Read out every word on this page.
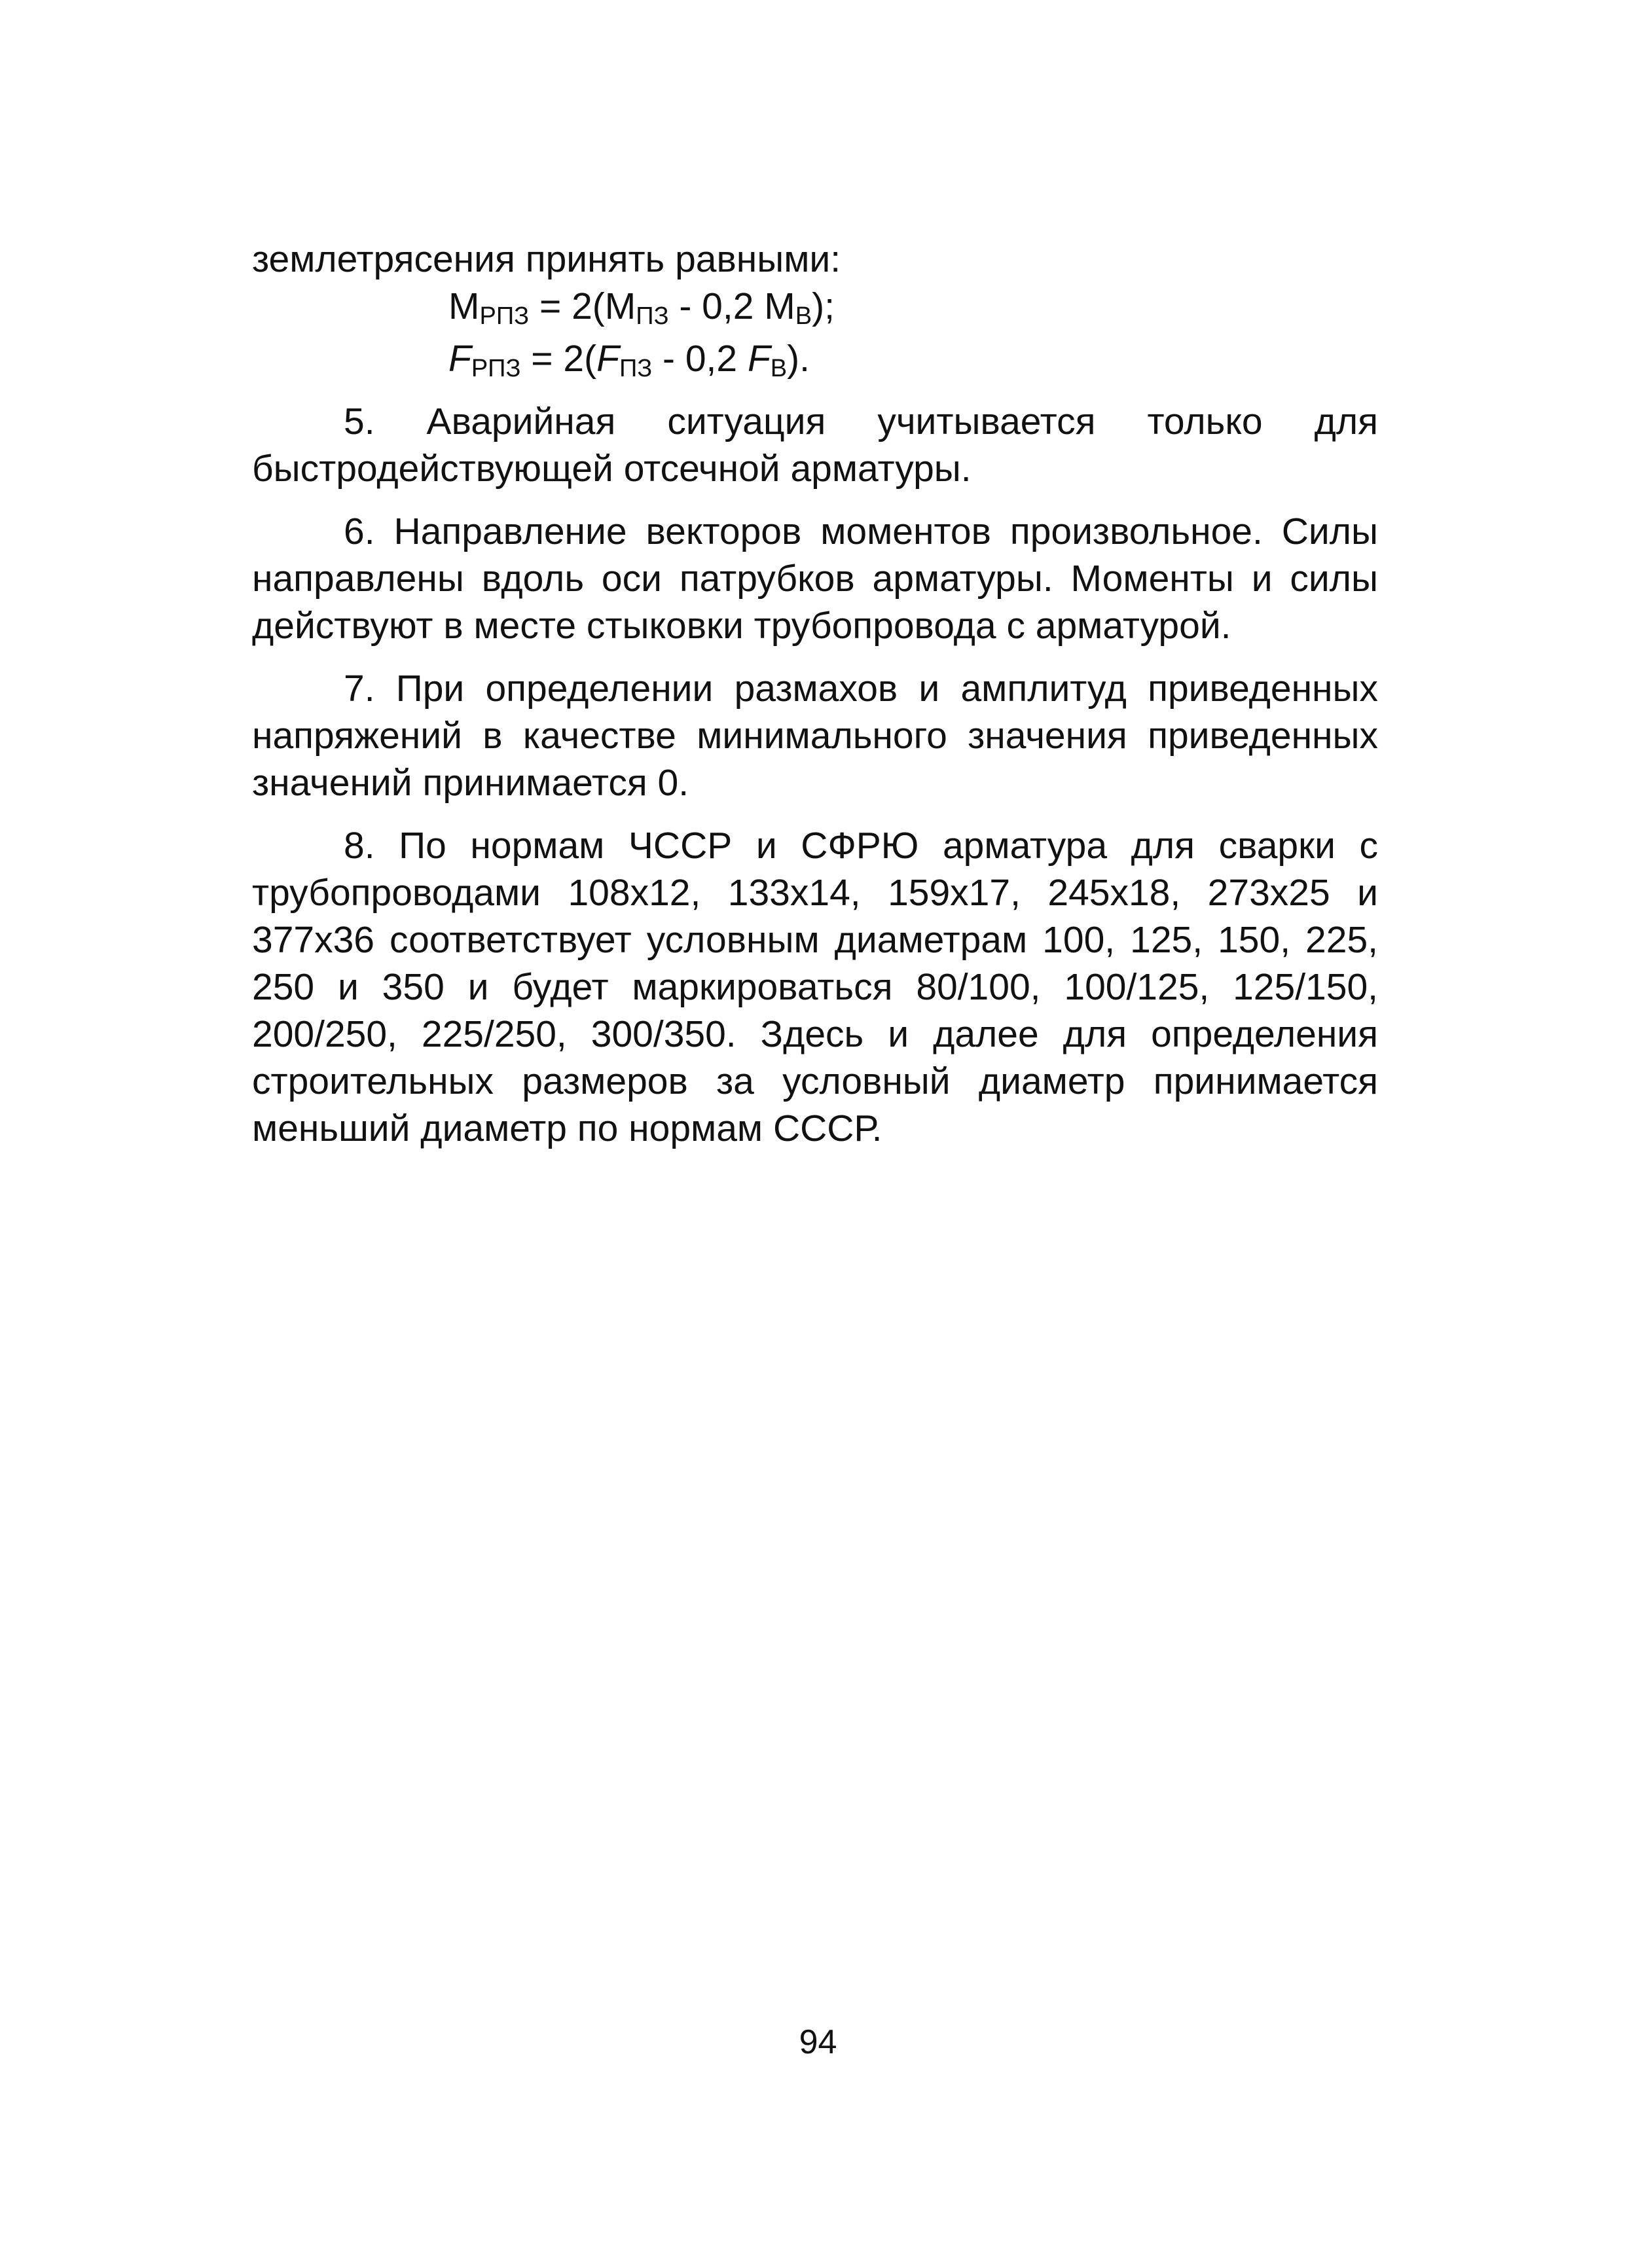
землетрясения принять равными:

$M_{РПЗ} = 2(M_{ПЗ} - 0,2$ $M_B$);

$F_{РПЗ} = 2(F_{ПЗ} - 0,2$ $F_B$).

5. Аварийная ситуация учитывается только для быстродействующей отсечной арматуры.

6. Направление векторов моментов произвольное. Силы направлены вдоль оси патрубков арматуры. Моменты и силы действуют в месте стыковки трубопровода с арматурой.

7. При определении размахов и амплитуд приведенных напряжений в качестве минимального значения приведенных значений принимается 0.

8. По нормам ЧССР и СФРЮ арматура для сварки с трубопроводами 108х12, 133х14, 159х17, 245х18, 273х25 и 377х36 соответствует условным диаметрам 100, 125, 150, 225, 250 и 350 и будет маркироваться 80/100, 100/125, 125/150, 200/250, 225/250, 300/350. Здесь и далее для определения строительных размеров за условный диаметр принимается меньший диаметр по нормам СССР.

94
